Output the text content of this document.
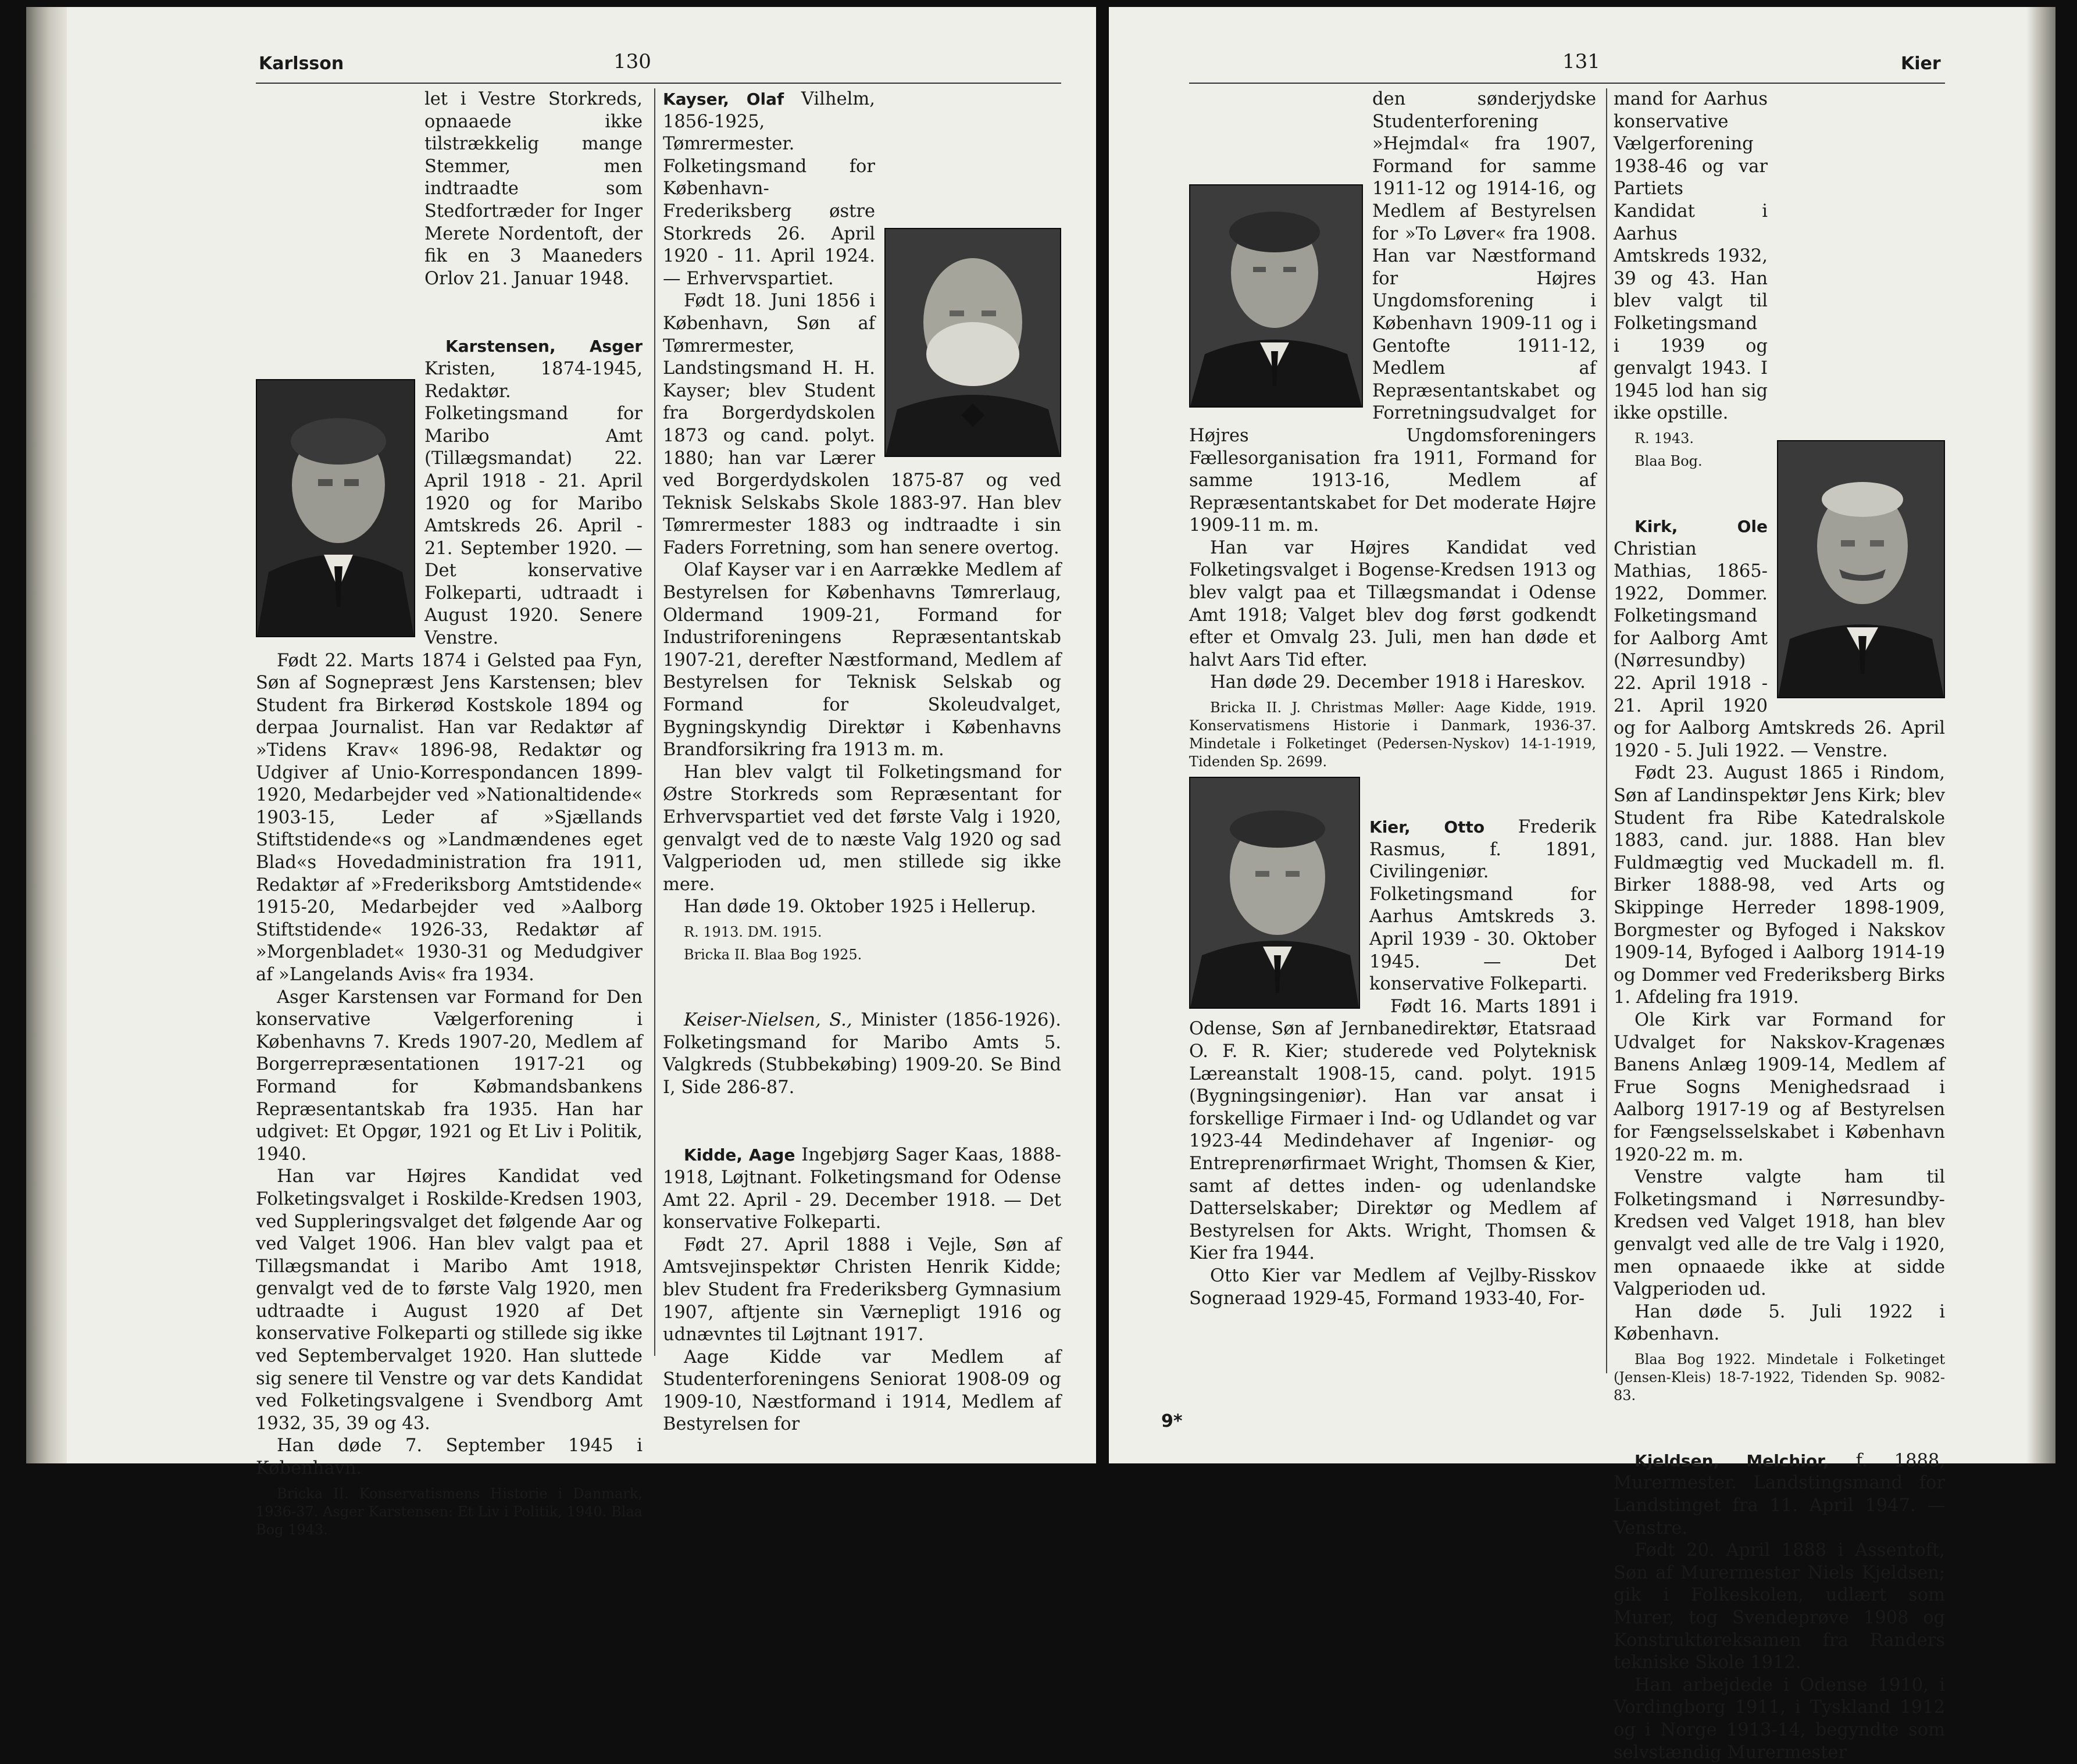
Karlsson	130

let i Vestre Storkreds, opnaaede ikke tilstrækkelig mange Stemmer, men indtraadte som Stedfortræder for Inger Merete Nordentoft, der fik en 3 Maaneders Orlov 21. Januar 1948.

Karstensen, Asger Kristen, 1874-1945, Redaktør. Folketingsmand for Maribo Amt (Tillægsmandat) 22. April 1918 - 21. April 1920 og for Maribo Amtskreds 26. April - 21. September 1920. — Det konservative Folkeparti, udtraadt i August 1920. Senere Venstre.

Født 22. Marts 1874 i Gelsted paa Fyn, Søn af Sognepræst Jens Karstensen; blev Student fra Birkerød Kostskole 1894 og derpaa Journalist. Han var Redaktør af »Tidens Krav« 1896-98, Redaktør og Udgiver af Unio-Korrespondancen 1899-1920, Medarbejder ved »Nationaltidende« 1903-15, Leder af »Sjællands Stiftstidende«s og »Landmændenes eget Blad«s Hovedadministration fra 1911, Redaktør af »Frederiksborg Amtstidende« 1915-20, Medarbejder ved »Aalborg Stiftstidende« 1926-33, Redaktør af »Morgenbladet« 1930-31 og Medudgiver af »Langelands Avis« fra 1934.

Asger Karstensen var Formand for Den konservative Vælgerforening i Københavns 7. Kreds 1907-20, Medlem af Borgerrepræsentationen 1917-21 og Formand for Købmandsbankens Repræsentantskab fra 1935. Han har udgivet: Et Opgør, 1921 og Et Liv i Politik, 1940.

Han var Højres Kandidat ved Folketingsvalget i Roskilde-Kredsen 1903, ved Suppleringsvalget det følgende Aar og ved Valget 1906. Han blev valgt paa et Tillægsmandat i Maribo Amt 1918, genvalgt ved de to første Valg 1920, men udtraadte i August 1920 af Det konservative Folkeparti og stillede sig ikke ved Septembervalget 1920. Han sluttede sig senere til Venstre og var dets Kandidat ved Folketingsvalgene i Svendborg Amt 1932, 35, 39 og 43.

Han døde 7. September 1945 i København.

Bricka II. Konservatismens Historie i Danmark, 1936-37. Asger Karstensen: Et Liv i Politik, 1940. Blaa Bog 1943.

Kayser, Olaf Vilhelm, 1856-1925, Tømrermester. Folketingsmand for København-Frederiksberg østre Storkreds 26. April 1920 - 11. April 1924. — Erhvervspartiet.

Født 18. Juni 1856 i København, Søn af Tømrermester, Landstingsmand H. H. Kayser; blev Student fra Borgerdydskolen 1873 og cand. polyt. 1880; han var Lærer ved Borgerdydskolen 1875-87 og ved Teknisk Selskabs Skole 1883-97. Han blev Tømrermester 1883 og indtraadte i sin Faders Forretning, som han senere overtog.

Olaf Kayser var i en Aarrække Medlem af Bestyrelsen for Københavns Tømrerlaug, Oldermand 1909-21, Formand for Industriforeningens Repræsentantskab 1907-21, derefter Næstformand, Medlem af Bestyrelsen for Teknisk Selskab og Formand for Skoleudvalget, Bygningskyndig Direktør i Københavns Brandforsikring fra 1913 m. m.

Han blev valgt til Folketingsmand for Østre Storkreds som Repræsentant for Erhvervspartiet ved det første Valg i 1920, genvalgt ved de to næste Valg 1920 og sad Valgperioden ud, men stillede sig ikke mere.

Han døde 19. Oktober 1925 i Hellerup.

R. 1913. DM. 1915.

Bricka II. Blaa Bog 1925.

Keiser-Nielsen, S., Minister (1856-1926). Folketingsmand for Maribo Amts 5. Valgkreds (Stubbekøbing) 1909-20. Se Bind I, Side 286-87.

Kidde, Aage Ingebjørg Sager Kaas, 1888-1918, Løjtnant. Folketingsmand for Odense Amt 22. April - 29. December 1918. — Det konservative Folkeparti.

Født 27. April 1888 i Vejle, Søn af Amtsvejinspektør Christen Henrik Kidde; blev Student fra Frederiksberg Gymnasium 1907, aftjente sin Værnepligt 1916 og udnævntes til Løjtnant 1917.

Aage Kidde var Medlem af Studenterforeningens Seniorat 1908-09 og 1909-10, Næstformand i 1914, Medlem af Bestyrelsen for

131	Kier

den sønderjydske Studenterforening »Hejmdal« fra 1907, Formand for samme 1911-12 og 1914-16, og Medlem af Bestyrelsen for »To Løver« fra 1908. Han var Næstformand for Højres Ungdomsforening i København 1909-11 og i Gentofte 1911-12, Medlem af Repræsentantskabet og Forretningsudvalget for Højres Ungdomsforeningers Fællesorganisation fra 1911, Formand for samme 1913-16, Medlem af Repræsentantskabet for Det moderate Højre 1909-11 m. m.

Han var Højres Kandidat ved Folketingsvalget i Bogense-Kredsen 1913 og blev valgt paa et Tillægsmandat i Odense Amt 1918; Valget blev dog først godkendt efter et Omvalg 23. Juli, men han døde et halvt Aars Tid efter.

Han døde 29. December 1918 i Hareskov.

Bricka II. J. Christmas Møller: Aage Kidde, 1919. Konservatismens Historie i Danmark, 1936-37. Mindetale i Folketinget (Pedersen-Nyskov) 14-1-1919, Tidenden Sp. 2699.

Kier, Otto Frederik Rasmus, f. 1891, Civilingeniør. Folketingsmand for Aarhus Amtskreds 3. April 1939 - 30. Oktober 1945. — Det konservative Folkeparti.

Født 16. Marts 1891 i Odense, Søn af Jernbanedirektør, Etatsraad O. F. R. Kier; studerede ved Polyteknisk Læreanstalt 1908-15, cand. polyt. 1915 (Bygningsingeniør). Han var ansat i forskellige Firmaer i Ind- og Udlandet og var 1923-44 Medindehaver af Ingeniør- og Entreprenørfirmaet Wright, Thomsen & Kier, samt af dettes inden- og udenlandske Datterselskaber; Direktør og Medlem af Bestyrelsen for Akts. Wright, Thomsen & Kier fra 1944.

Otto Kier var Medlem af Vejlby-Risskov Sogneraad 1929-45, Formand 1933-40, For-

mand for Aarhus konservative Vælgerforening 1938-46 og var Partiets Kandidat i Aarhus Amtskreds 1932, 39 og 43. Han blev valgt til Folketingsmand i 1939 og genvalgt 1943. I 1945 lod han sig ikke opstille.

R. 1943.

Blaa Bog.

Kirk, Ole Christian Mathias, 1865-1922, Dommer. Folketingsmand for Aalborg Amt (Nørresundby) 22. April 1918 - 21. April 1920 og for Aalborg Amtskreds 26. April 1920 - 5. Juli 1922. — Venstre.

Født 23. August 1865 i Rindom, Søn af Landinspektør Jens Kirk; blev Student fra Ribe Katedralskole 1883, cand. jur. 1888. Han blev Fuldmægtig ved Muckadell m. fl. Birker 1888-98, ved Arts og Skippinge Herreder 1898-1909, Borgmester og Byfoged i Nakskov 1909-14, Byfoged i Aalborg 1914-19 og Dommer ved Frederiksberg Birks 1. Afdeling fra 1919.

Ole Kirk var Formand for Udvalget for Nakskov-Kragenæs Banens Anlæg 1909-14, Medlem af Frue Sogns Menighedsraad i Aalborg 1917-19 og af Bestyrelsen for Fængselsselskabet i København 1920-22 m. m.

Venstre valgte ham til Folketingsmand i Nørresundby-Kredsen ved Valget 1918, han blev genvalgt ved alle de tre Valg i 1920, men opnaaede ikke at sidde Valgperioden ud.

Han døde 5. Juli 1922 i København.

Blaa Bog 1922. Mindetale i Folketinget (Jensen-Kleis) 18-7-1922, Tidenden Sp. 9082-83.

Kjeldsen, Melchior, f. 1888, Murermester. Landstingsmand for Landstinget fra 11. April 1947. — Venstre.

Født 20. April 1888 i Assentoft, Søn af Murermester Niels Kjeldsen; gik i Folkeskolen, udlært som Murer, tog Svendeprøve 1908 og Konstruktøreksamen fra Randers tekniske Skole 1912.

Han arbejdede i Odense 1910, i Vordingborg 1911, i Tyskland 1912 og i Norge 1913-14, begyndte som selvstændig Murermester

9*
